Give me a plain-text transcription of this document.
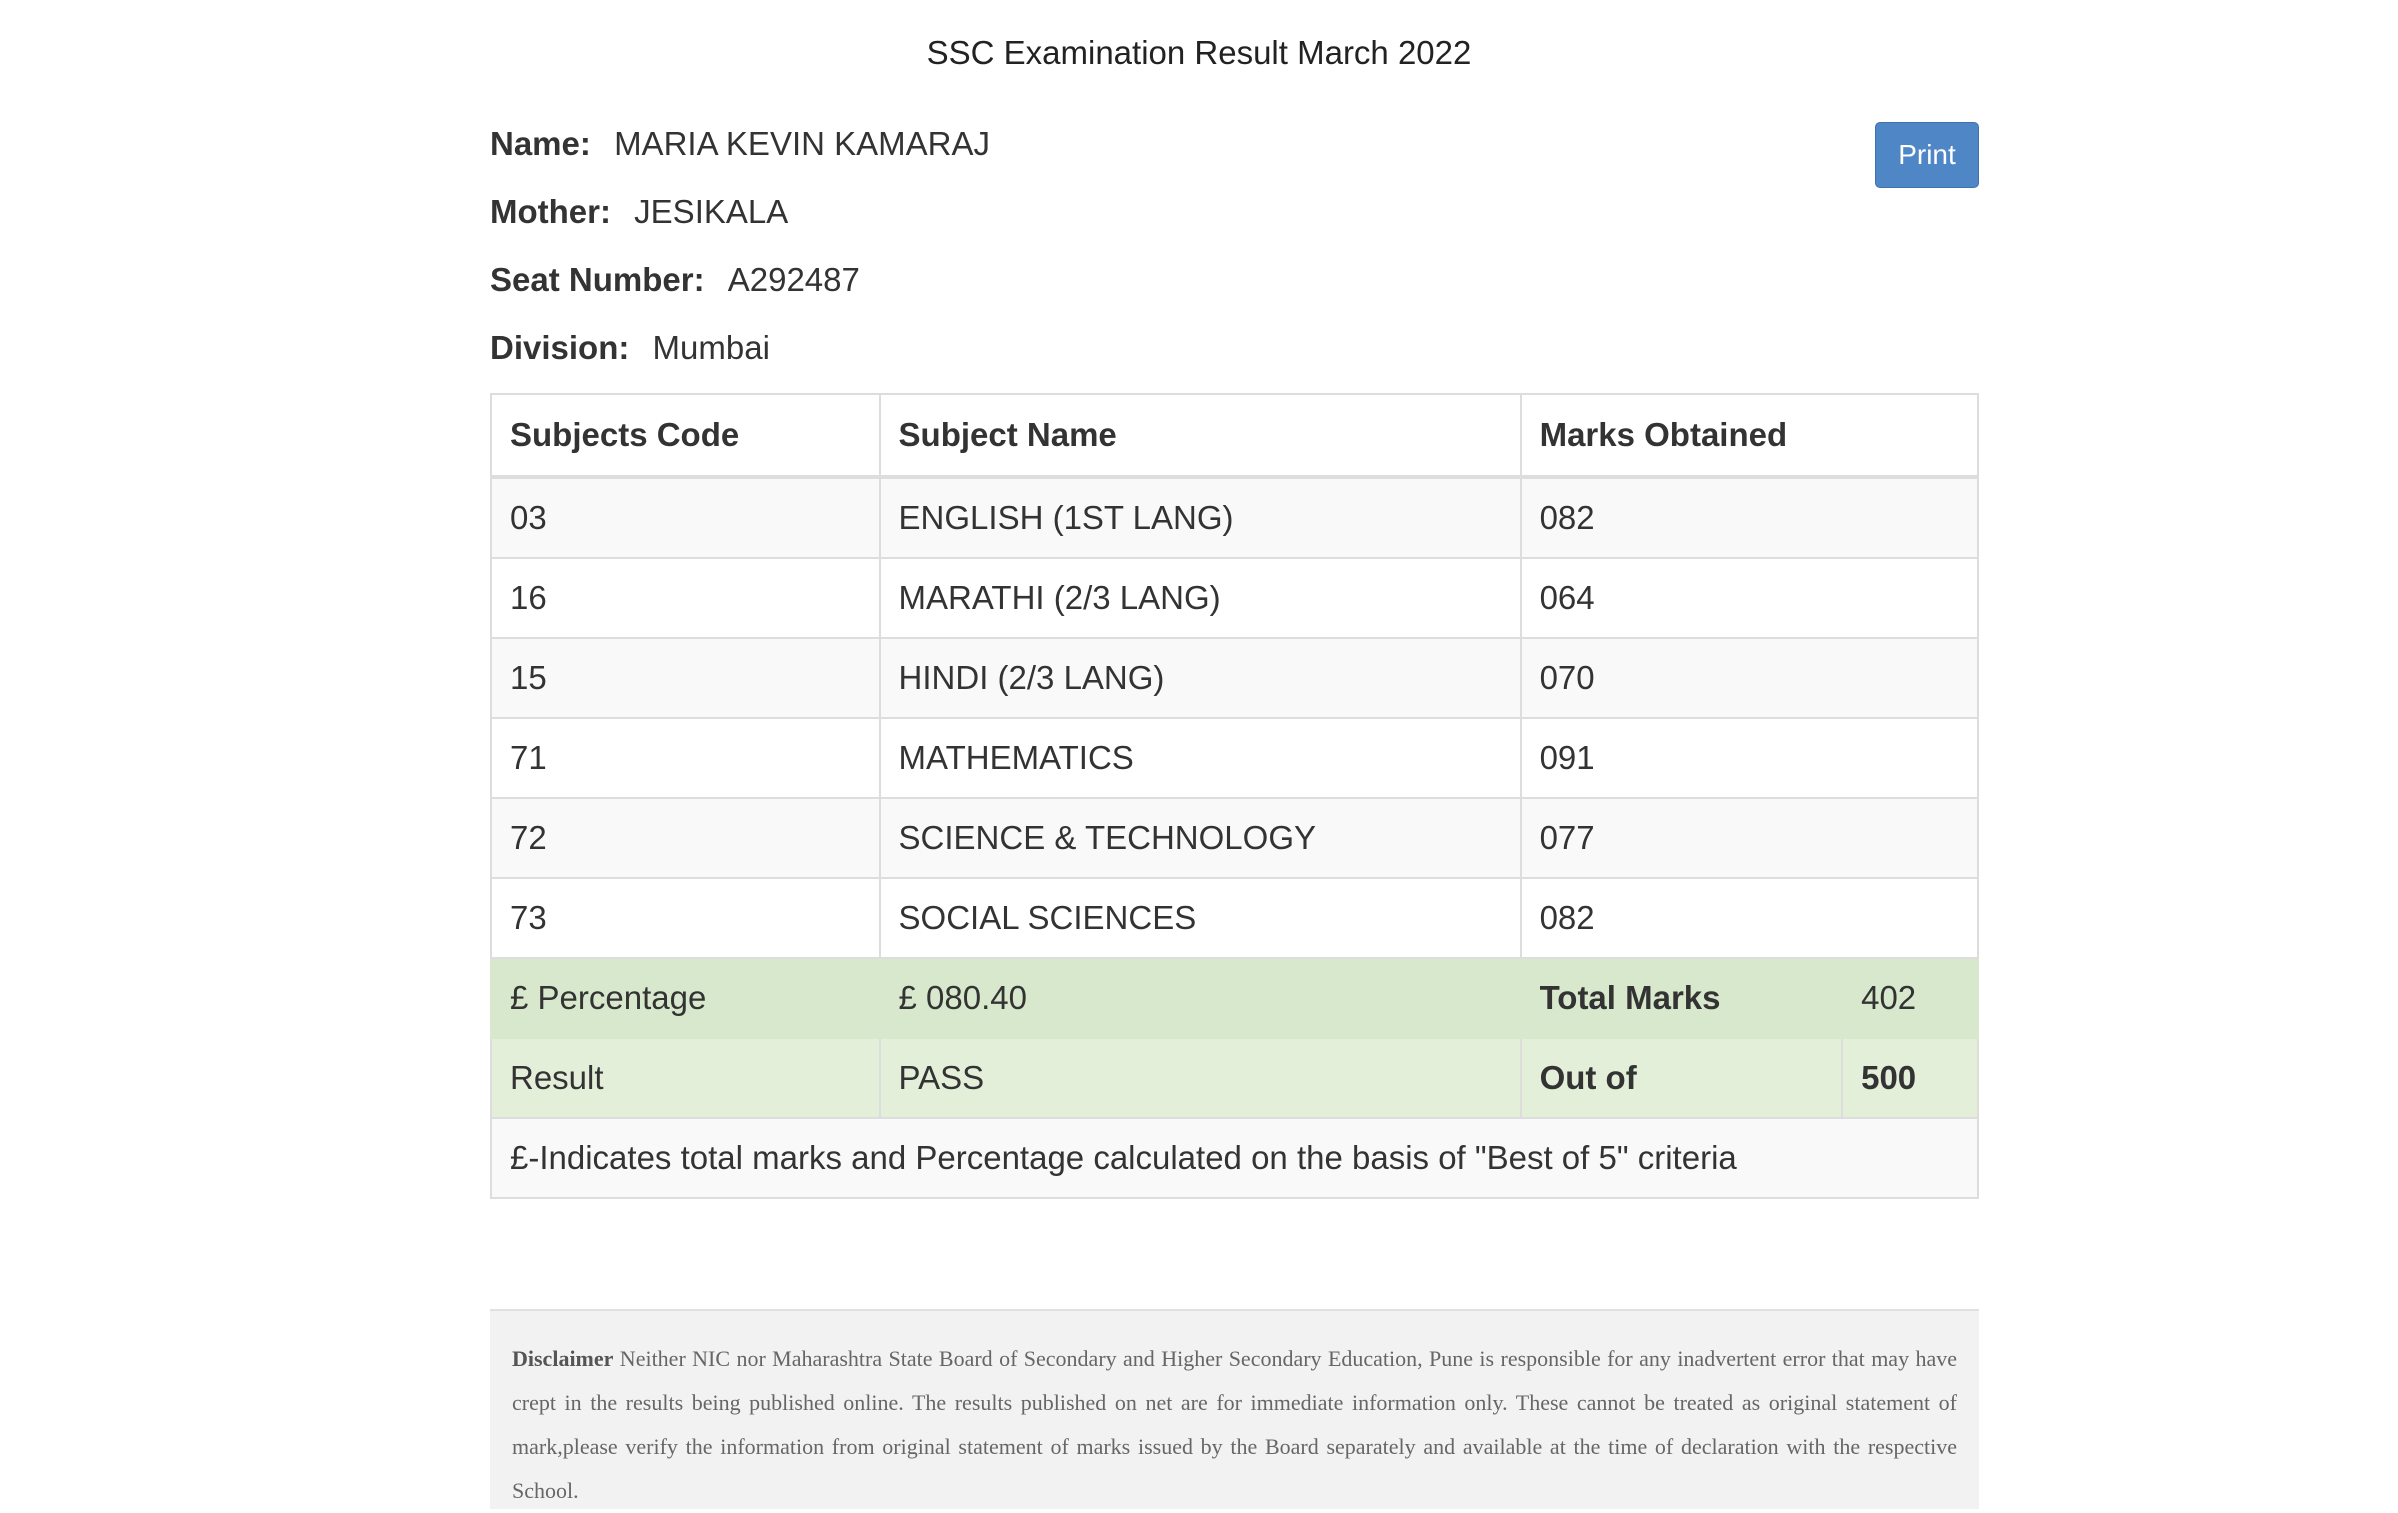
SSC Examination Result March 2022
Name: MARIA KEVIN KAMARAJ
Mother: JESIKALA
Seat Number: A292487
Division: Mumbai
Print
Subjects Code	Subject Name	Marks Obtained	
03	ENGLISH (1ST LANG)	082	
16	MARATHI (2/3 LANG)	064	
15	HINDI (2/3 LANG)	070	
71	MATHEMATICS	091	
72	SCIENCE & TECHNOLOGY	077	
73	SOCIAL SCIENCES	082	
£ Percentage	£ 080.40	Total Marks	402
Result	PASS	Out of	500
£-Indicates total marks and Percentage calculated on the basis of "Best of 5" criteria			
Disclaimer Neither NIC nor Maharashtra State Board of Secondary and Higher Secondary Education, Pune is responsible for any inadvertent error that may have crept in the results being published online. The results published on net are for immediate information only. These cannot be treated as original statement of mark,please verify the information from original statement of marks issued by the Board separately and available at the time of declaration with the respective School.
